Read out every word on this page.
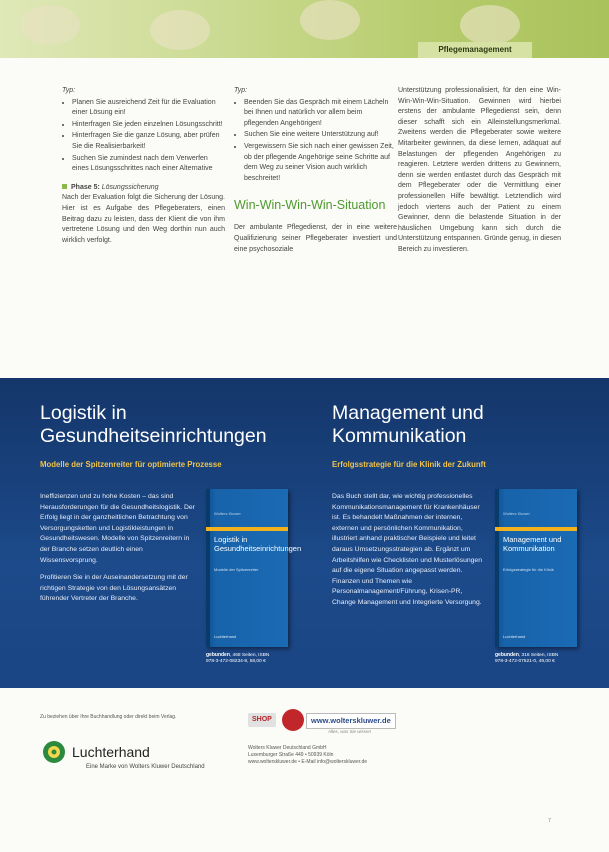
Pflegemanagement
Typ:
• Planen Sie ausreichend Zeit für die Evaluation einer Lösung ein!
• Hinterfragen Sie jeden einzelnen Lösungsschritt!
• Hinterfragen Sie die ganze Lösung, aber prüfen Sie die Realisierbarkeit!
• Suchen Sie zumindest nach dem Verwerfen eines Lösungsschrittes nach einer Alternative
Phase 5: Lösungssicherung
Nach der Evaluation folgt die Sicherung der Lösung. Hier ist es Aufgabe des Pflegeberaters, einen Beitrag dazu zu leisten, dass der Klient die von ihm vertretene Lösung und den Weg dorthin nun auch wirklich verfolgt.
Typ:
• Beenden Sie das Gespräch mit einem Lächeln bei Ihnen und natürlich vor allem beim pflegenden Angehörigen!
• Suchen Sie eine weitere Unterstützung auf!
• Vergewissern Sie sich nach einer gewissen Zeit, ob der pflegende Angehörige seine Schritte auf dem Weg zu seiner Vision auch wirklich beschreitet!
Win-Win-Win-Win-Situation
Der ambulante Pflegedienst, der in eine weitere Qualifizierung seiner Pflegeberater investiert und eine psychosoziale
Unterstützung professionalisiert, für den eine Win-Win-Win-Win-Situation. Gewinnen wird hierbei erstens der ambulante Pflegedienst sein, denn dieser schafft sich ein Alleinstellungsmerkmal. Zweitens werden die Pflegeberater sowie weitere Mitarbeiter gewinnen, da diese lernen, adäquat auf Belastungen der pflegenden Angehörigen zu reagieren. Letztere werden drittens zu Gewinnern, denn sie werden entlastet durch das Gespräch mit dem Pflegeberater oder die Vermittlung einer professionellen Hilfe bewältigt. Letztendlich wird jedoch viertens auch der Patient zu einem Gewinner, denn die belastende Situation in der häuslichen Umgebung kann sich durch die Unterstützung entspannen. Gründe genug, in diesen Bereich zu investieren.
Logistik in Gesundheitseinrichtungen
Management und Kommunikation
Modelle der Spitzenreiter für optimierte Prozesse	Erfolgsstrategie für die Klinik der Zukunft

Ineffizienzen und zu hohe Kosten – das sind Herausforderungen für die Gesundheitslogistik. Der Erfolg liegt in der ganzheitlichen Betrachtung von Versorgungsketten und Logistikleistungen in Gesundheitswesen. Modelle von Spitzenreitern in der Branche setzen deutlich einen Wissensvorsprung.

Profitieren Sie in der Auseinandersetzung mit der richtigen Strategie von den Lösungsansätzen führender Vertreter der Branche.

Das Buch stellt dar, wie wichtig professionelles Kommunikationsmanagement für Krankenhäuser ist. Es behandelt Maßnahmen der internen, externen und persönlichen Kommunikation, illustriert anhand praktischer Beispiele und leitet daraus Umsetzungsstrategien ab. Ergänzt um Arbeitshilfen wie Checklisten und Musterlösungen auf die eigene Situation angepasst werden. Finanzen und Themen wie Personalmanagement/Führung, Krisen-PR, Change Management und Integrierte Versorgung.
Wolters Kluwer
Logistik in Gesundheitseinrichtungen
Modelle der Spitzenreiter
Luchterhand
Wolters Kluwer
Management und Kommunikation
Erfolgsstrategie für die Klinik
Luchterhand
gebunden, 468 Seiten, ISBN 978-3-472-08234-8, 58,00 €
gebunden, 316 Seiten, ISBN 978-3-472-07521-0, 49,00 €
Zu beziehen über Ihre Buchhandlung oder direkt beim Verlag.
Luchterhand
Eine Marke von Wolters Kluwer Deutschland
SHOP	www.wolterskluwer.de
Alles, was Sie wissen
Wolters Kluwer Deutschland GmbH
Luxemburger Straße 449 • 50939 Köln
www.wolterskluwer.de • E-Mail info@wolterskluwer.de
7
